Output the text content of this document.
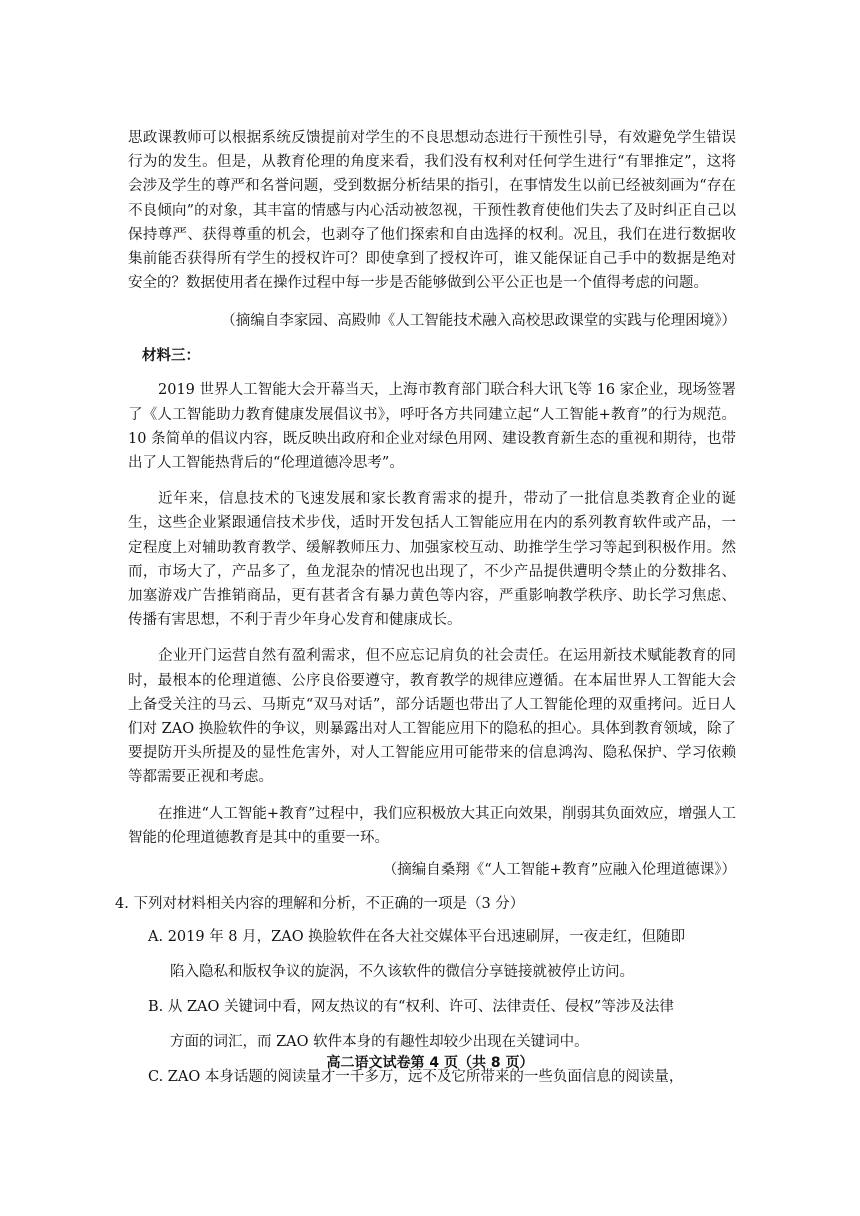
思政课教师可以根据系统反馈提前对学生的不良思想动态进行干预性引导，有效避免学生错误行为的发生。但是，从教育伦理的角度来看，我们没有权利对任何学生进行“有罪推定”，这将会涉及学生的尊严和名誉问题，受到数据分析结果的指引，在事情发生以前已经被刻画为“存在不良倾向”的对象，其丰富的情感与内心活动被忽视，干预性教育使他们失去了及时纠正自己以保持尊严、获得尊重的机会，也剥夺了他们探索和自由选择的权利。况且，我们在进行数据收集前能否获得所有学生的授权许可？即使拿到了授权许可，谁又能保证自己手中的数据是绝对安全的？数据使用者在操作过程中每一步是否能够做到公平公正也是一个值得考虑的问题。

（摘编自李家园、高殿帅《人工智能技术融入高校思政课堂的实践与伦理困境》）

材料三：

2019 世界人工智能大会开幕当天，上海市教育部门联合科大讯飞等 16 家企业，现场签署了《人工智能助力教育健康发展倡议书》，呼吁各方共同建立起“人工智能+教育”的行为规范。10 条简单的倡议内容，既反映出政府和企业对绿色用网、建设教育新生态的重视和期待，也带出了人工智能热背后的“伦理道德冷思考”。

近年来，信息技术的飞速发展和家长教育需求的提升，带动了一批信息类教育企业的诞生，这些企业紧跟通信技术步伐，适时开发包括人工智能应用在内的系列教育软件或产品，一定程度上对辅助教育教学、缓解教师压力、加强家校互动、助推学生学习等起到积极作用。然而，市场大了，产品多了，鱼龙混杂的情况也出现了，不少产品提供遭明令禁止的分数排名、加塞游戏广告推销商品，更有甚者含有暴力黄色等内容，严重影响教学秩序、助长学习焦虑、传播有害思想，不利于青少年身心发育和健康成长。

企业开门运营自然有盈利需求，但不应忘记肩负的社会责任。在运用新技术赋能教育的同时，最根本的伦理道德、公序良俗要遵守，教育教学的规律应遵循。在本届世界人工智能大会上备受关注的马云、马斯克“双马对话”，部分话题也带出了人工智能伦理的双重拷问。近日人们对 ZAO 换脸软件的争议，则暴露出对人工智能应用下的隐私的担心。具体到教育领域，除了要提防开头所提及的显性危害外，对人工智能应用可能带来的信息鸿沟、隐私保护、学习依赖等都需要正视和考虑。

在推进“人工智能+教育”过程中，我们应积极放大其正向效果，削弱其负面效应，增强人工智能的伦理道德教育是其中的重要一环。

（摘编自桑翔《“人工智能+教育”应融入伦理道德课》）

4. 下列对材料相关内容的理解和分析，不正确的一项是（3 分）

A. 2019 年 8 月，ZAO 换脸软件在各大社交媒体平台迅速刷屏，一夜走红，但随即
陷入隐私和版权争议的旋涡，不久该软件的微信分享链接就被停止访问。
B. 从 ZAO 关键词中看，网友热议的有“权利、许可、法律责任、侵权”等涉及法律
方面的词汇，而 ZAO 软件本身的有趣性却较少出现在关键词中。
C. ZAO 本身话题的阅读量才一千多万，远不及它所带来的一些负面信息的阅读量，
高二语文试卷第 4 页（共 8 页）
